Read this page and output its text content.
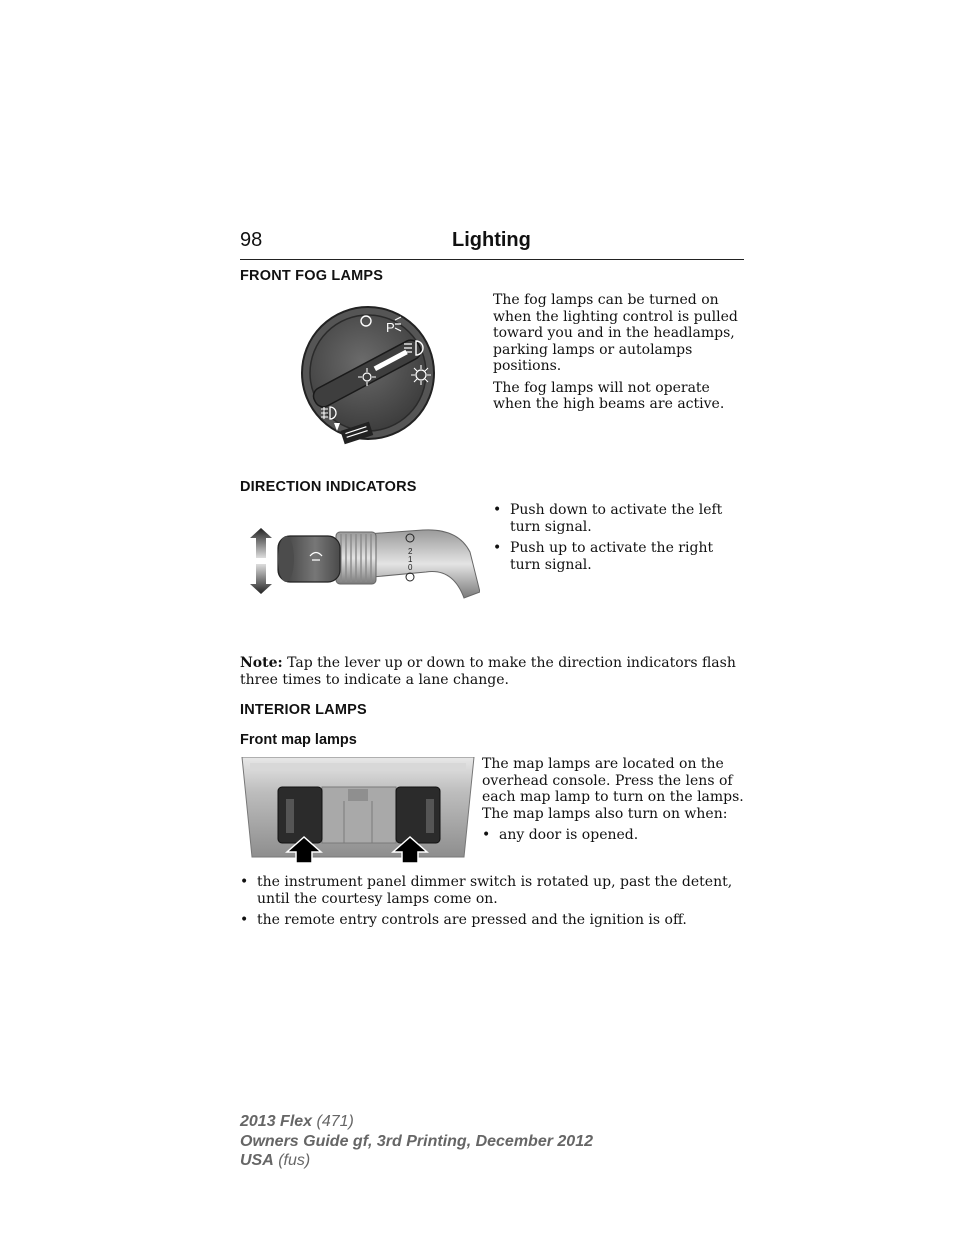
98	Lighting
FRONT FOG LAMPS
P

The fog lamps can be turned on when the lighting control is pulled toward you and in the headlamps, parking lamps or autolamps positions.

The fog lamps will not operate when the high beams are active.

DIRECTION INDICATORS
2
1
0

• Push down to activate the left turn signal.

• Push up to activate the right turn signal.

Note: Tap the lever up or down to make the direction indicators flash three times to indicate a lane change.

INTERIOR LAMPS
Front map lamps

The map lamps are located on the overhead console. Press the lens of each map lamp to turn on the lamps. The map lamps also turn on when:

• any door is opened.

• the instrument panel dimmer switch is rotated up, past the detent, until the courtesy lamps come on.

• the remote entry controls are pressed and the ignition is off.

2013 Flex (471)
Owners Guide gf, 3rd Printing, December 2012
USA (fus)
